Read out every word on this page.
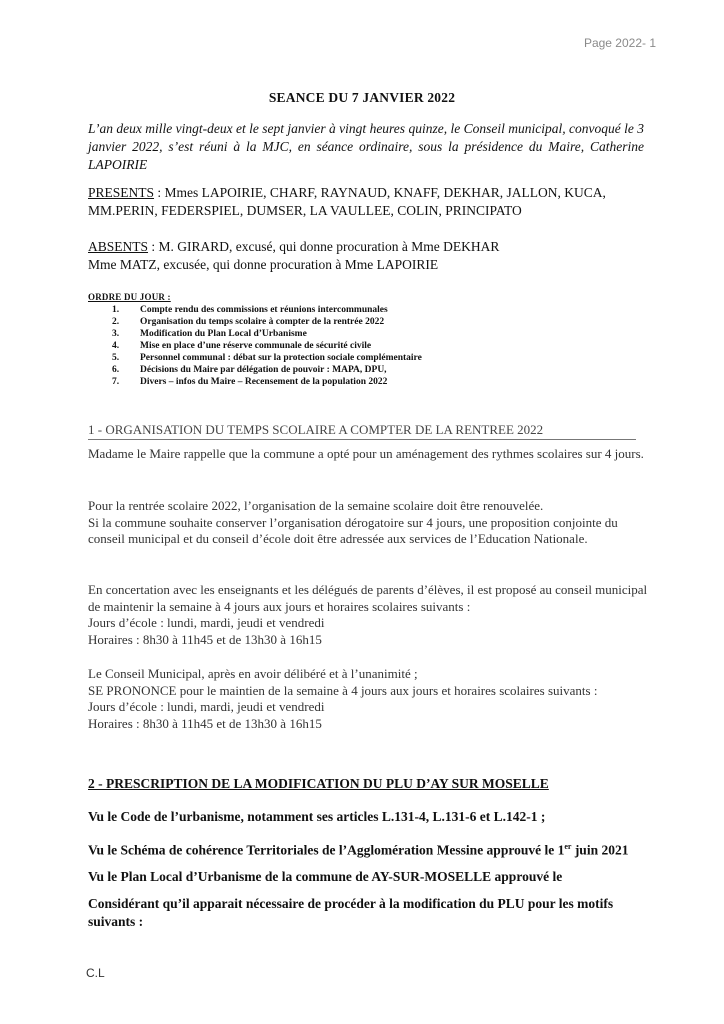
Page 2022- 1
SEANCE DU 7 JANVIER 2022
L’an deux mille vingt-deux et le sept janvier à vingt heures quinze, le Conseil municipal, convoqué le 3 janvier 2022, s’est réuni à la MJC, en séance ordinaire, sous la présidence du Maire, Catherine LAPOIRIE
PRESENTS : Mmes LAPOIRIE, CHARF, RAYNAUD, KNAFF, DEKHAR, JALLON, KUCA, MM.PERIN, FEDERSPIEL, DUMSER, LA VAULLEE, COLIN, PRINCIPATO
ABSENTS : M. GIRARD, excusé, qui donne procuration à Mme DEKHAR
Mme MATZ, excusée, qui donne procuration à Mme LAPOIRIE
ORDRE DU JOUR :
1. Compte rendu des commissions et réunions intercommunales
2. Organisation du temps scolaire à compter de la rentrée 2022
3. Modification du Plan Local d’Urbanisme
4. Mise en place d’une réserve communale de sécurité civile
5. Personnel communal : débat sur la protection sociale complémentaire
6. Décisions du Maire par délégation de pouvoir : MAPA, DPU,
7. Divers – infos du Maire – Recensement de la population 2022
1 - ORGANISATION DU TEMPS SCOLAIRE A COMPTER DE LA RENTREE 2022
Madame le Maire rappelle que la commune a opté pour un aménagement des rythmes scolaires sur 4 jours.
Pour la rentrée scolaire 2022, l’organisation de la semaine scolaire doit être renouvelée.
Si la commune souhaite conserver l’organisation dérogatoire sur 4 jours, une proposition conjointe du conseil municipal et du conseil d’école doit être adressée aux services de l’Education Nationale.
En concertation avec les enseignants et les délégués de parents d’élèves, il est proposé au conseil municipal de maintenir la semaine à 4 jours aux jours et horaires scolaires suivants :
Jours d’école : lundi, mardi, jeudi et vendredi
Horaires : 8h30 à 11h45 et de 13h30 à 16h15
Le Conseil Municipal, après en avoir délibéré et à l’unanimité ;
SE PRONONCE pour le maintien de la semaine à 4 jours aux jours et horaires scolaires suivants :
Jours d’école : lundi, mardi, jeudi et vendredi
Horaires : 8h30 à 11h45 et de 13h30 à 16h15
2 - PRESCRIPTION DE LA MODIFICATION DU PLU D’AY SUR MOSELLE
Vu le Code de l’urbanisme, notamment ses articles L.131-4, L.131-6 et L.142-1 ;
Vu le Schéma de cohérence Territoriales de l’Agglomération Messine approuvé le 1er juin 2021
Vu le Plan Local d’Urbanisme de la commune de AY-SUR-MOSELLE approuvé le
Considérant qu’il apparait nécessaire de procéder à la modification du PLU pour les motifs suivants :
C.L
